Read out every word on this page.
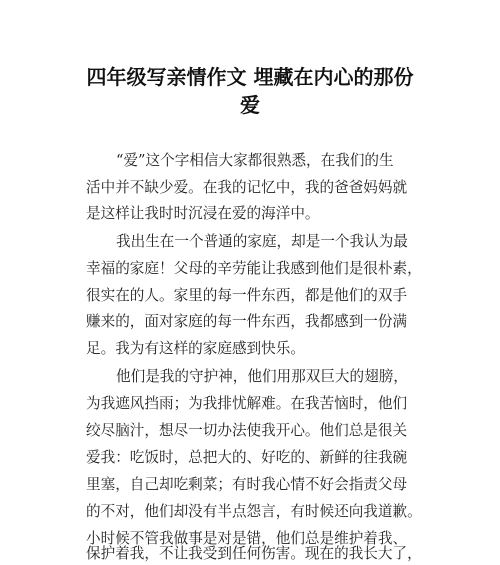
四年级写亲情作文 埋藏在内心的那份
爱
“爱”这个字相信大家都很熟悉，在我们的生
活中并不缺少爱。在我的记忆中，我的爸爸妈妈就
是这样让我时时沉浸在爱的海洋中。
我出生在一个普通的家庭，却是一个我认为最
幸福的家庭！父母的辛劳能让我感到他们是很朴素，
很实在的人。家里的每一件东西，都是他们的双手
赚来的，面对家庭的每一件东西，我都感到一份满
足。我为有这样的家庭感到快乐。
他们是我的守护神，他们用那双巨大的翅膀，
为我遮风挡雨；为我排忧解难。在我苦恼时，他们
绞尽脑汁，想尽一切办法使我开心。他们总是很关
爱我：吃饭时，总把大的、好吃的、新鲜的往我碗
里塞，自己却吃剩菜；有时我心情不好会指责父母
的不对，他们却没有半点怨言，有时候还向我道歉。
小时候不管我做事是对是错，他们总是维护着我、
保护着我，不让我受到任何伤害。现在的我长大了，
